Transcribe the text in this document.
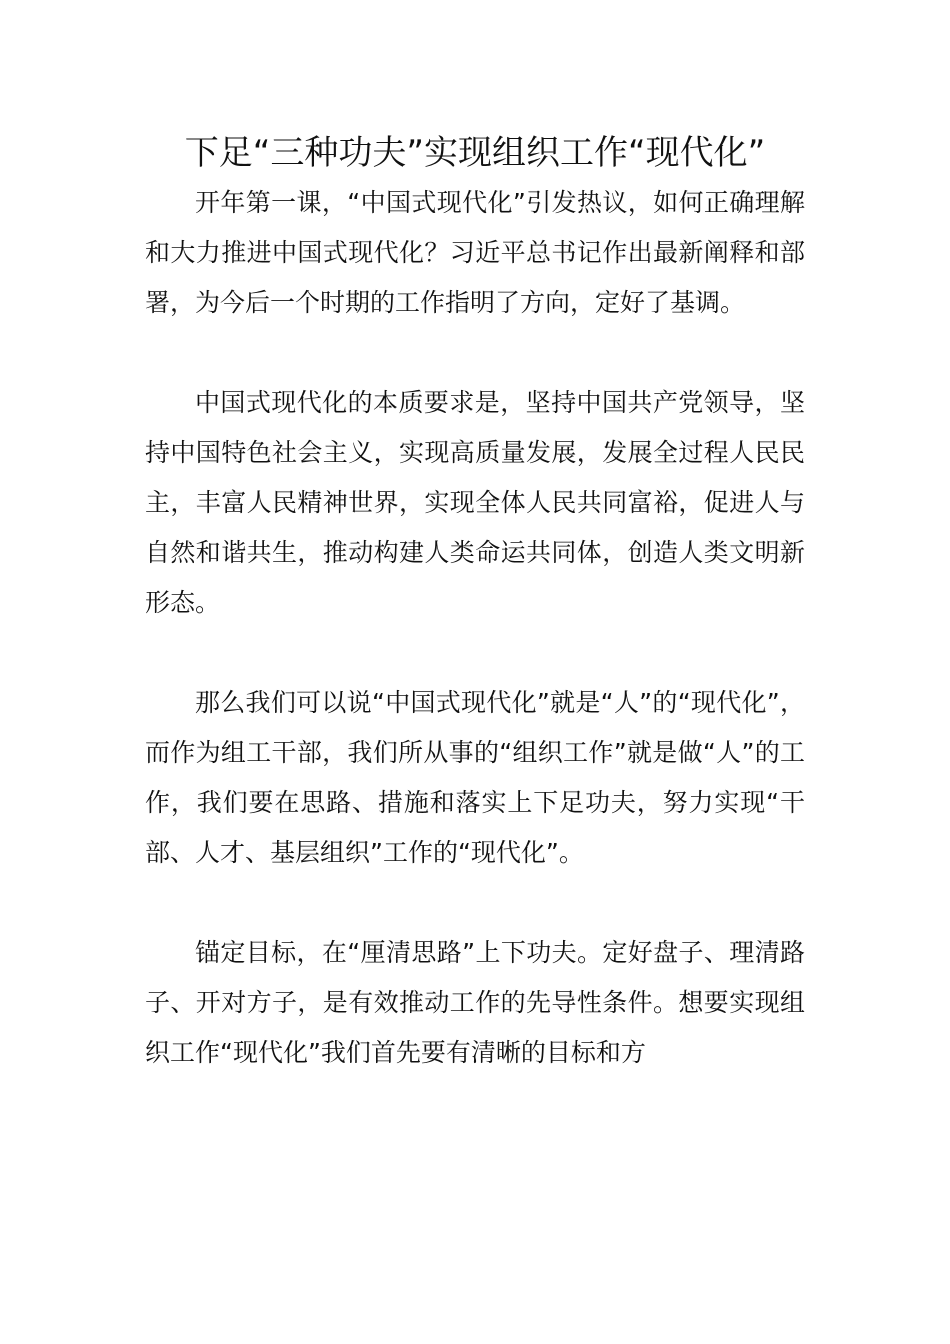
下足“三种功夫”实现组织工作“现代化”

开年第一课，“中国式现代化”引发热议，如何正确理解和大力推进中国式现代化？习近平总书记作出最新阐释和部署，为今后一个时期的工作指明了方向，定好了基调。

中国式现代化的本质要求是，坚持中国共产党领导，坚持中国特色社会主义，实现高质量发展，发展全过程人民民主，丰富人民精神世界，实现全体人民共同富裕，促进人与自然和谐共生，推动构建人类命运共同体，创造人类文明新形态。

那么我们可以说“中国式现代化”就是“人”的“现代化”，而作为组工干部，我们所从事的“组织工作”就是做“人”的工作，我们要在思路、措施和落实上下足功夫，努力实现“干部、人才、基层组织”工作的“现代化”。

锚定目标，在“厘清思路”上下功夫。定好盘子、理清路子、开对方子，是有效推动工作的先导性条件。想要实现组织工作“现代化”我们首先要有清晰的目标和方
